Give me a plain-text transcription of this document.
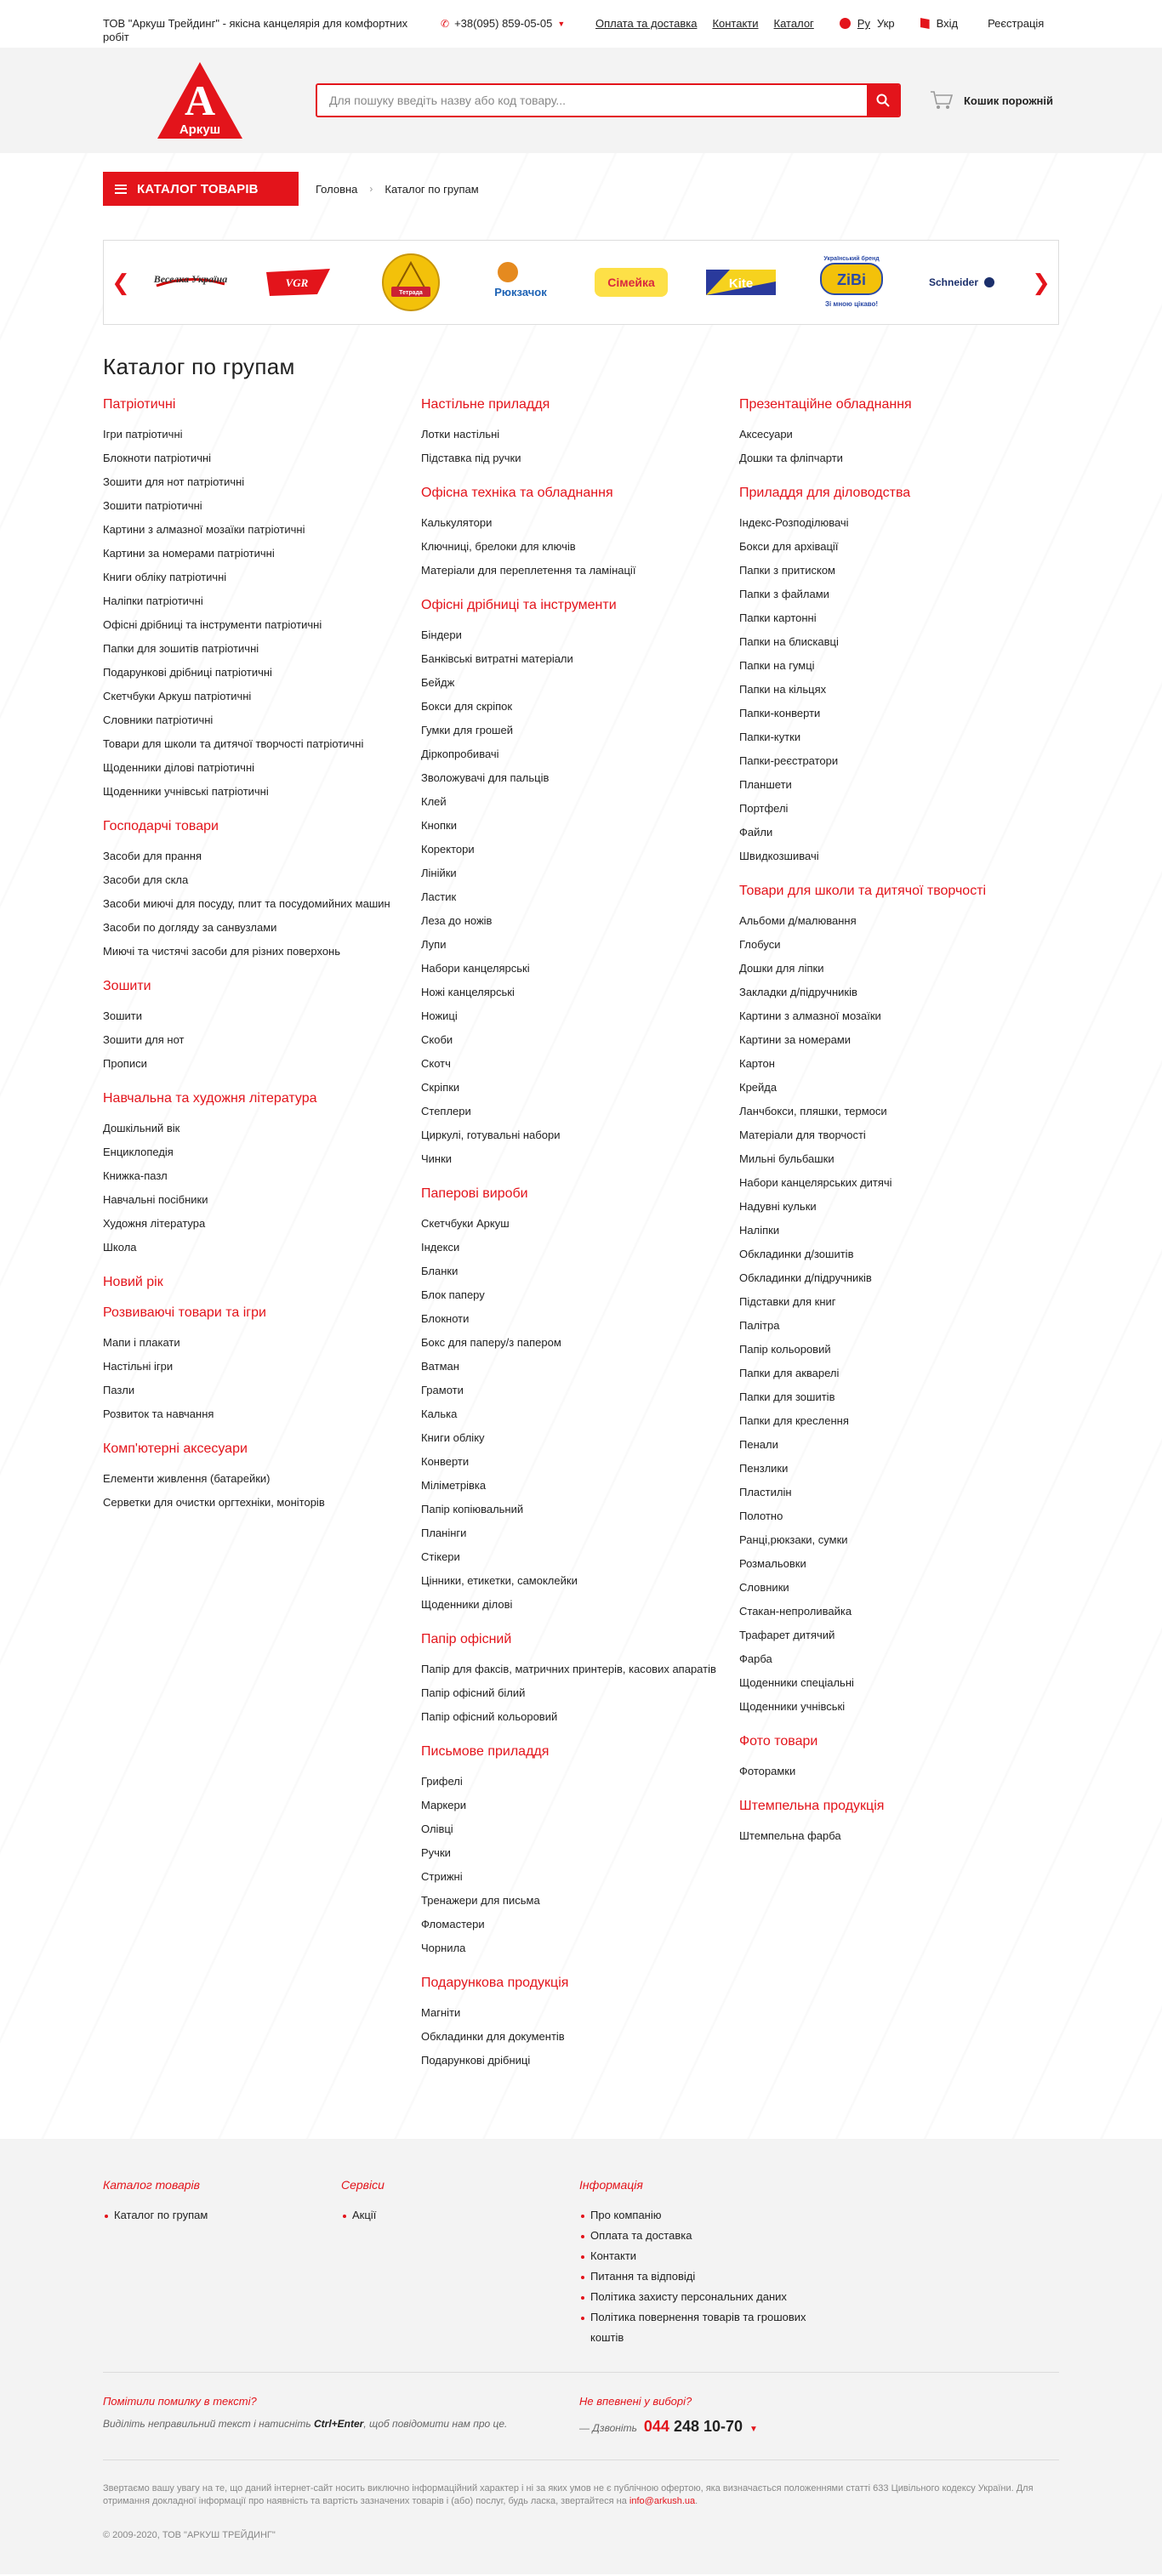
ТОВ "Аркуш Трейдинг" - якісна канцелярія для комфортних робіт
✆ +38(095) 859-05-05 ▼	Оплата та доставка Контакти Каталог	Ру Укр	Вхід	Реєстрація
А
Аркуш
Для пошуку введіть назву або код товару...
Кошик порожній
КАТАЛОГ ТОВАРІВ	Головна › Каталог по групам
❮	Веселка Україна	VGR
Тетрада	Рюкзачок
Сімейка	Kite
Український бренд
ZiBi
Зі мною цікаво!
Schneider	❯
Каталог по групам
Патріотичні
Ігри патріотичні
Блокноти патріотичні
Зошити для нот патріотичні
Зошити патріотичні
Картини з алмазної мозаїки патріотичні
Картини за номерами патріотичні
Книги обліку патріотичні
Наліпки патріотичні
Офісні дрібниці та інструменти патріотичні
Папки для зошитів патріотичні
Подарункові дрібниці патріотичні
Скетчбуки Аркуш патріотичні
Словники патріотичні
Товари для школи та дитячої творчості патріотичні
Щоденники ділові патріотичні
Щоденники учнівські патріотичні
Господарчі товари
Засоби для прання
Засоби для скла
Засоби миючі для посуду, плит та посудомийних машин
Засоби по догляду за санвузлами
Миючі та чистячі засоби для різних поверхонь
Зошити
Зошити
Зошити для нот
Прописи
Навчальна та художня література
Дошкільний вік
Енциклопедія
Книжка-пазл
Навчальні посібники
Художня література
Школа
Новий рік
Розвиваючі товари та ігри
Мапи і плакати
Настільні ігри
Пазли
Розвиток та навчання
Комп'ютерні аксесуари
Елементи живлення (батарейки)
Серветки для очистки оргтехніки, моніторів
Настільне приладдя
Лотки настільні
Підставка під ручки
Офісна техніка та обладнання
Калькулятори
Ключниці, брелоки для ключів
Матеріали для переплетення та ламінації
Офісні дрібниці та інструменти
Біндери
Банківські витратні матеріали
Бейдж
Бокси для скріпок
Гумки для грошей
Діркопробивачі
Зволожувачі для пальців
Клей
Кнопки
Коректори
Лінійки
Ластик
Леза до ножів
Лупи
Набори канцелярські
Ножі канцелярські
Ножиці
Скоби
Скотч
Скріпки
Степлери
Циркулі, готувальні набори
Чинки
Паперові вироби
Скетчбуки Аркуш
Індекси
Бланки
Блок паперу
Блокноти
Бокс для паперу/з папером
Ватман
Грамоти
Калька
Книги обліку
Конверти
Міліметрівка
Папір копіювальний
Планінги
Стікери
Цінники, етикетки, самоклейки
Щоденники ділові
Папір офісний
Папір для факсів, матричних принтерів, касових апаратів
Папір офісний білий
Папір офісний кольоровий
Письмове приладдя
Грифелі
Маркери
Олівці
Ручки
Стрижні
Тренажери для письма
Фломастери
Чорнила
Подарункова продукція
Магніти
Обкладинки для документів
Подарункові дрібниці
Презентаційне обладнання
Аксесуари
Дошки та фліпчарти
Приладдя для діловодства
Індекс-Розподілювачі
Бокси для архівації
Папки з притиском
Папки з файлами
Папки картонні
Папки на блискавці
Папки на гумці
Папки на кільцях
Папки-конверти
Папки-кутки
Папки-реєстратори
Планшети
Портфелі
Файли
Швидкозшивачі
Товари для школи та дитячої творчості
Альбоми д/малювання
Глобуси
Дошки для ліпки
Закладки д/підручників
Картини з алмазної мозаїки
Картини за номерами
Картон
Крейда
Ланчбокси, пляшки, термоси
Матеріали для творчості
Мильні бульбашки
Набори канцелярських дитячі
Надувні кульки
Наліпки
Обкладинки д/зошитів
Обкладинки д/підручників
Підставки для книг
Палітра
Папір кольоровий
Папки для акварелі
Папки для зошитів
Папки для креслення
Пенали
Пензлики
Пластилін
Полотно
Ранці,рюкзаки, сумки
Розмальовки
Словники
Стакан-непроливайка
Трафарет дитячий
Фарба
Щоденники спеціальні
Щоденники учнівські
Фото товари
Фоторамки
Штемпельна продукція
Штемпельна фарба
Каталог товарів
Каталог по групам
Сервіси
Акції
Інформація
Про компанію
Оплата та доставка
Контакти
Питання та відповіді
Політика захисту персональних даних
Політика повернення товарів та грошових коштів
Помітили помилку в тексті?
Виділіть неправильний текст і натисніть Ctrl+Enter, щоб повідомити нам про це.
Не впевнені у виборі?
— Дзвоніть 044 248 10-70 ▼

Звертаємо вашу увагу на те, що даний інтернет-сайт носить виключно інформаційний характер і ні за яких умов не є публічною офертою, яка визначається положеннями статті 633 Цивільного кодексу України. Для отримання докладної інформації про наявність та вартість зазначених товарів і (або) послуг, будь ласка, звертайтеся на info@arkush.ua.

© 2009-2020, ТОВ "АРКУШ ТРЕЙДИНГ"
